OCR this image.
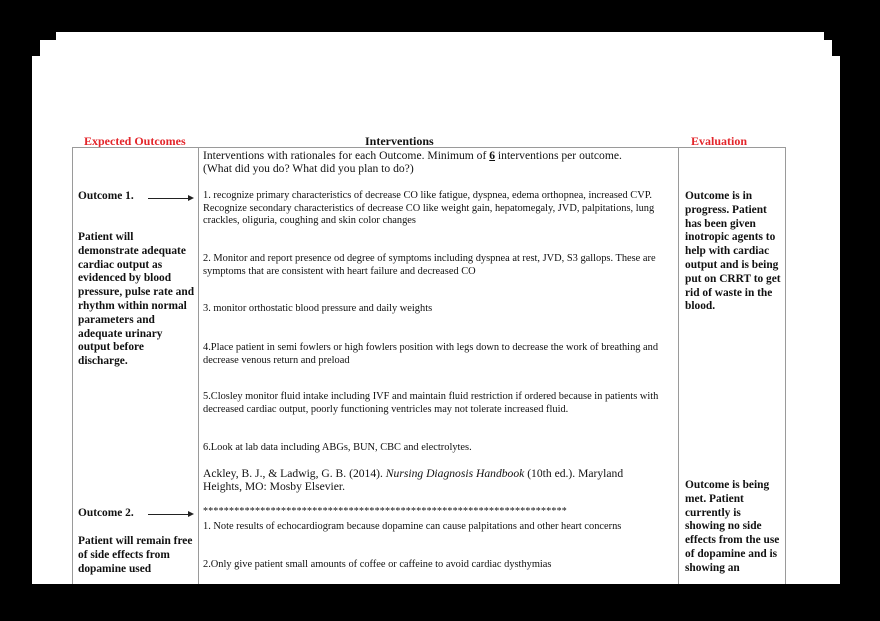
Expected Outcomes	Interventions	Evaluation
Interventions with rationales for each Outcome. Minimum of 6 interventions per outcome.
(What did you do? What did you plan to do?)
Outcome 1.
Patient will demonstrate adequate cardiac output as evidenced by blood pressure, pulse rate and rhythm within normal parameters and adequate urinary output before discharge.
1. recognize primary characteristics of decrease CO like fatigue, dyspnea, edema orthopnea, increased CVP. Recognize secondary characteristics of decrease CO like weight gain, hepatomegaly, JVD, palpitations, lung crackles, oliguria, coughing and skin color changes
2. Monitor and report presence od degree of symptoms including dyspnea at rest, JVD, S3 gallops. These are symptoms that are consistent with heart failure and decreased CO
3. monitor orthostatic blood pressure and daily weights
4.Place patient in semi fowlers or high fowlers position with legs down to decrease the work of breathing and decrease venous return and preload
5.Closley monitor fluid intake including IVF and maintain fluid restriction if ordered because in patients with decreased cardiac output, poorly functioning ventricles may not tolerate increased fluid.
6.Look at lab data including ABGs, BUN, CBC and electrolytes.
Ackley, B. J., & Ladwig, G. B. (2014). Nursing Diagnosis Handbook (10th ed.). Maryland Heights, MO: Mosby Elsevier.
Outcome is in progress. Patient has been given inotropic agents to help with cardiac output and is being put on CRRT to get rid of waste in the blood.
Outcome 2.
Patient will remain free of side effects from dopamine used
**********************************************************************
1. Note results of echocardiogram because dopamine can cause palpitations and other heart concerns
2.Only give patient small amounts of coffee or caffeine to avoid cardiac dysthymias
Outcome is being met. Patient currently is showing no side effects from the use of dopamine and is showing an
